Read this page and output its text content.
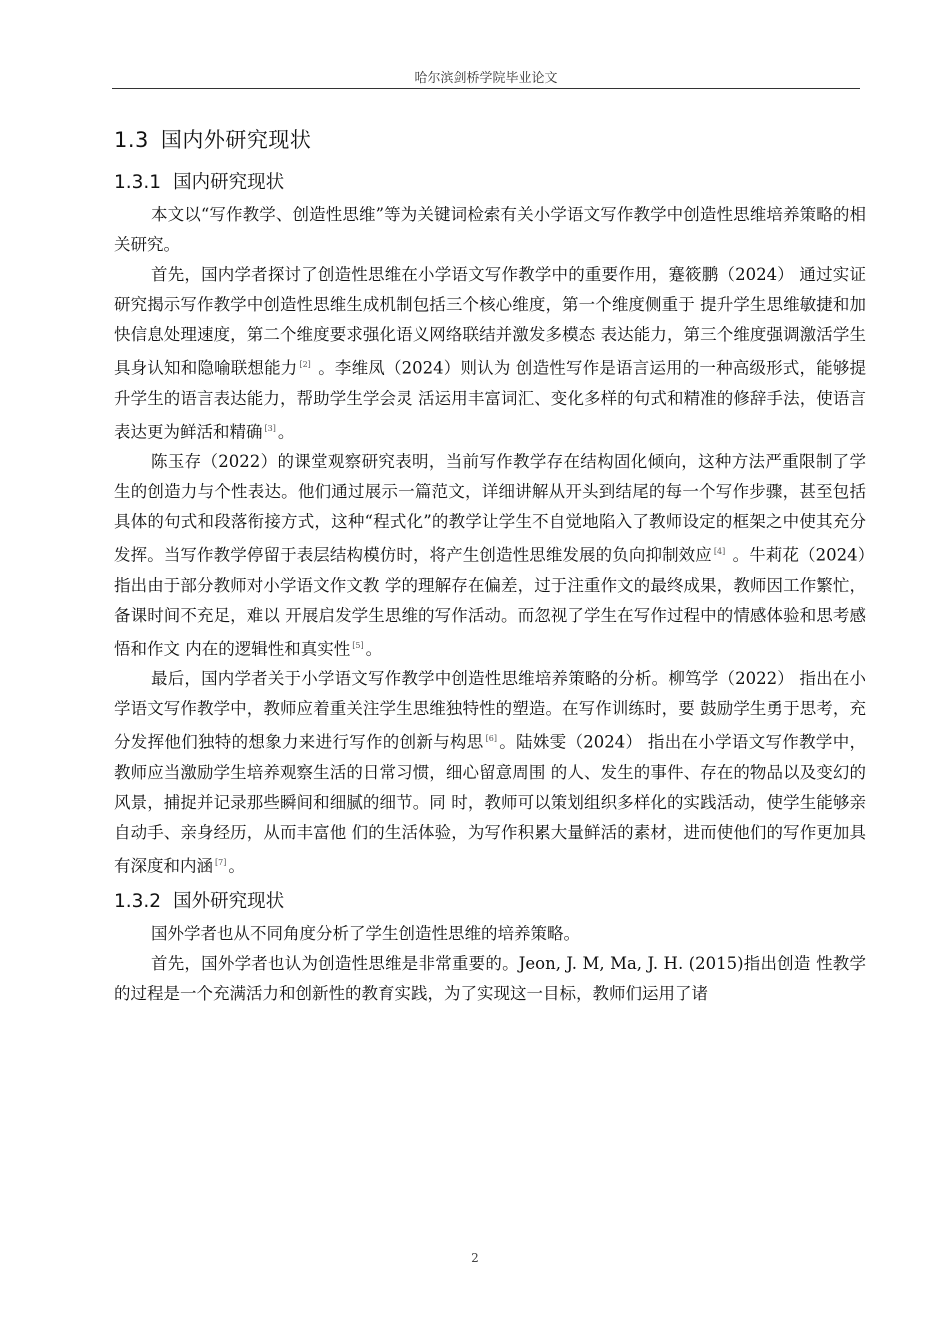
哈尔滨剑桥学院毕业论文
1.3 国内外研究现状
1.3.1 国内研究现状

本文以“写作教学、创造性思维”等为关键词检索有关小学语文写作教学中创造性思维培养策略的相关研究。

首先，国内学者探讨了创造性思维在小学语文写作教学中的重要作用，蹇筱鹏（2024） 通过实证研究揭示写作教学中创造性思维生成机制包括三个核心维度，第一个维度侧重于 提升学生思维敏捷和加快信息处理速度，第二个维度要求强化语义网络联结并激发多模态 表达能力，第三个维度强调激活学生具身认知和隐喻联想能力 [2] 。李维凤（2024）则认为 创造性写作是语言运用的一种高级形式，能够提升学生的语言表达能力，帮助学生学会灵 活运用丰富词汇、变化多样的句式和精准的修辞手法，使语言表达更为鲜活和精确 [3] 。

陈玉存（2022）的课堂观察研究表明，当前写作教学存在结构固化倾向，这种方法严重限制了学生的创造力与个性表达。他们通过展示一篇范文，详细讲解从开头到结尾的每一个写作步骤，甚至包括具体的句式和段落衔接方式，这种“程式化”的教学让学生不自觉地陷入了教师设定的框架之中使其充分发挥。当写作教学停留于表层结构模仿时，将产生创造性思维发展的负向抑制效应 [4] 。牛莉花（2024）指出由于部分教师对小学语文作文教 学的理解存在偏差，过于注重作文的最终成果，教师因工作繁忙，备课时间不充足，难以 开展启发学生思维的写作活动。而忽视了学生在写作过程中的情感体验和思考感悟和作文 内在的逻辑性和真实性 [5] 。

最后，国内学者关于小学语文写作教学中创造性思维培养策略的分析。柳笃学（2022） 指出在小学语文写作教学中，教师应着重关注学生思维独特性的塑造。在写作训练时，要 鼓励学生勇于思考，充分发挥他们独特的想象力来进行写作的创新与构思 [6] 。陆姝雯（2024） 指出在小学语文写作教学中，教师应当激励学生培养观察生活的日常习惯，细心留意周围 的人、发生的事件、存在的物品以及变幻的风景，捕捉并记录那些瞬间和细腻的细节。同 时，教师可以策划组织多样化的实践活动，使学生能够亲自动手、亲身经历，从而丰富他 们的生活体验，为写作积累大量鲜活的素材，进而使他们的写作更加具有深度和内涵 [7] 。

1.3.2 国外研究现状

国外学者也从不同角度分析了学生创造性思维的培养策略。

首先，国外学者也认为创造性思维是非常重要的。Jeon, J. M, Ma, J. H. (2015)指出创造 性教学的过程是一个充满活力和创新性的教育实践，为了实现这一目标，教师们运用了诸

2
